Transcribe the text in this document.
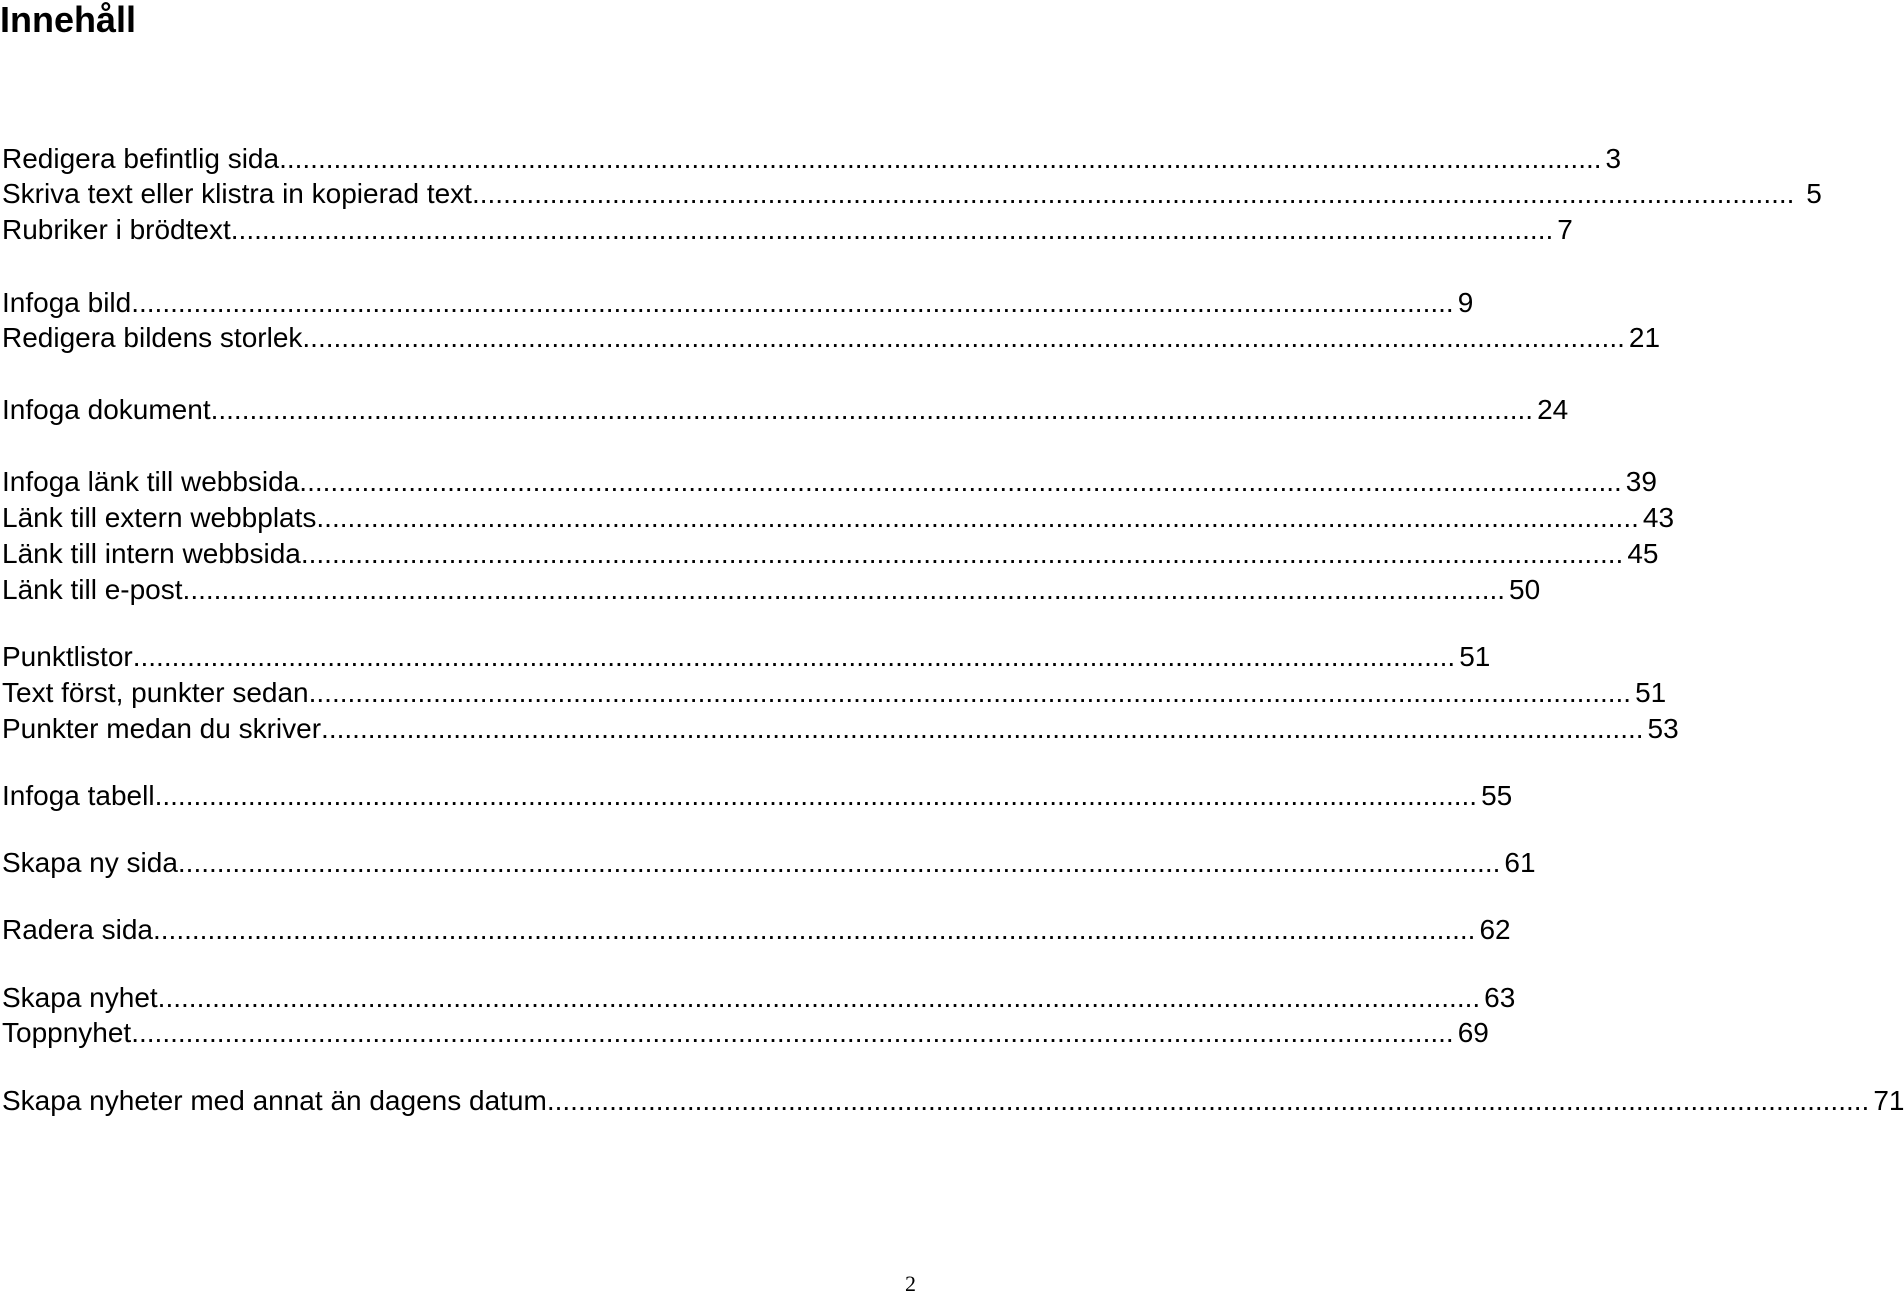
Innehåll
Redigera befintlig sida .......................................................................................................................................................................... 3
Skriva text eller klistra in kopierad text .......................................................................................................................................................................... 5
Rubriker i brödtext .......................................................................................................................................................................... 7
Infoga bild .......................................................................................................................................................................... 9
Redigera bildens storlek .......................................................................................................................................................................... 21
Infoga dokument .......................................................................................................................................................................... 24
Infoga länk till webbsida .......................................................................................................................................................................... 39
Länk till extern webbplats .......................................................................................................................................................................... 43
Länk till intern webbsida .......................................................................................................................................................................... 45
Länk till e-post .......................................................................................................................................................................... 50
Punktlistor .......................................................................................................................................................................... 51
Text först, punkter sedan .......................................................................................................................................................................... 51
Punkter medan du skriver .......................................................................................................................................................................... 53
Infoga tabell .......................................................................................................................................................................... 55
Skapa ny sida .......................................................................................................................................................................... 61
Radera sida .......................................................................................................................................................................... 62
Skapa nyhet .......................................................................................................................................................................... 63
Toppnyhet .......................................................................................................................................................................... 69
Skapa nyheter med annat än dagens datum .......................................................................................................................................................................... 71
2
